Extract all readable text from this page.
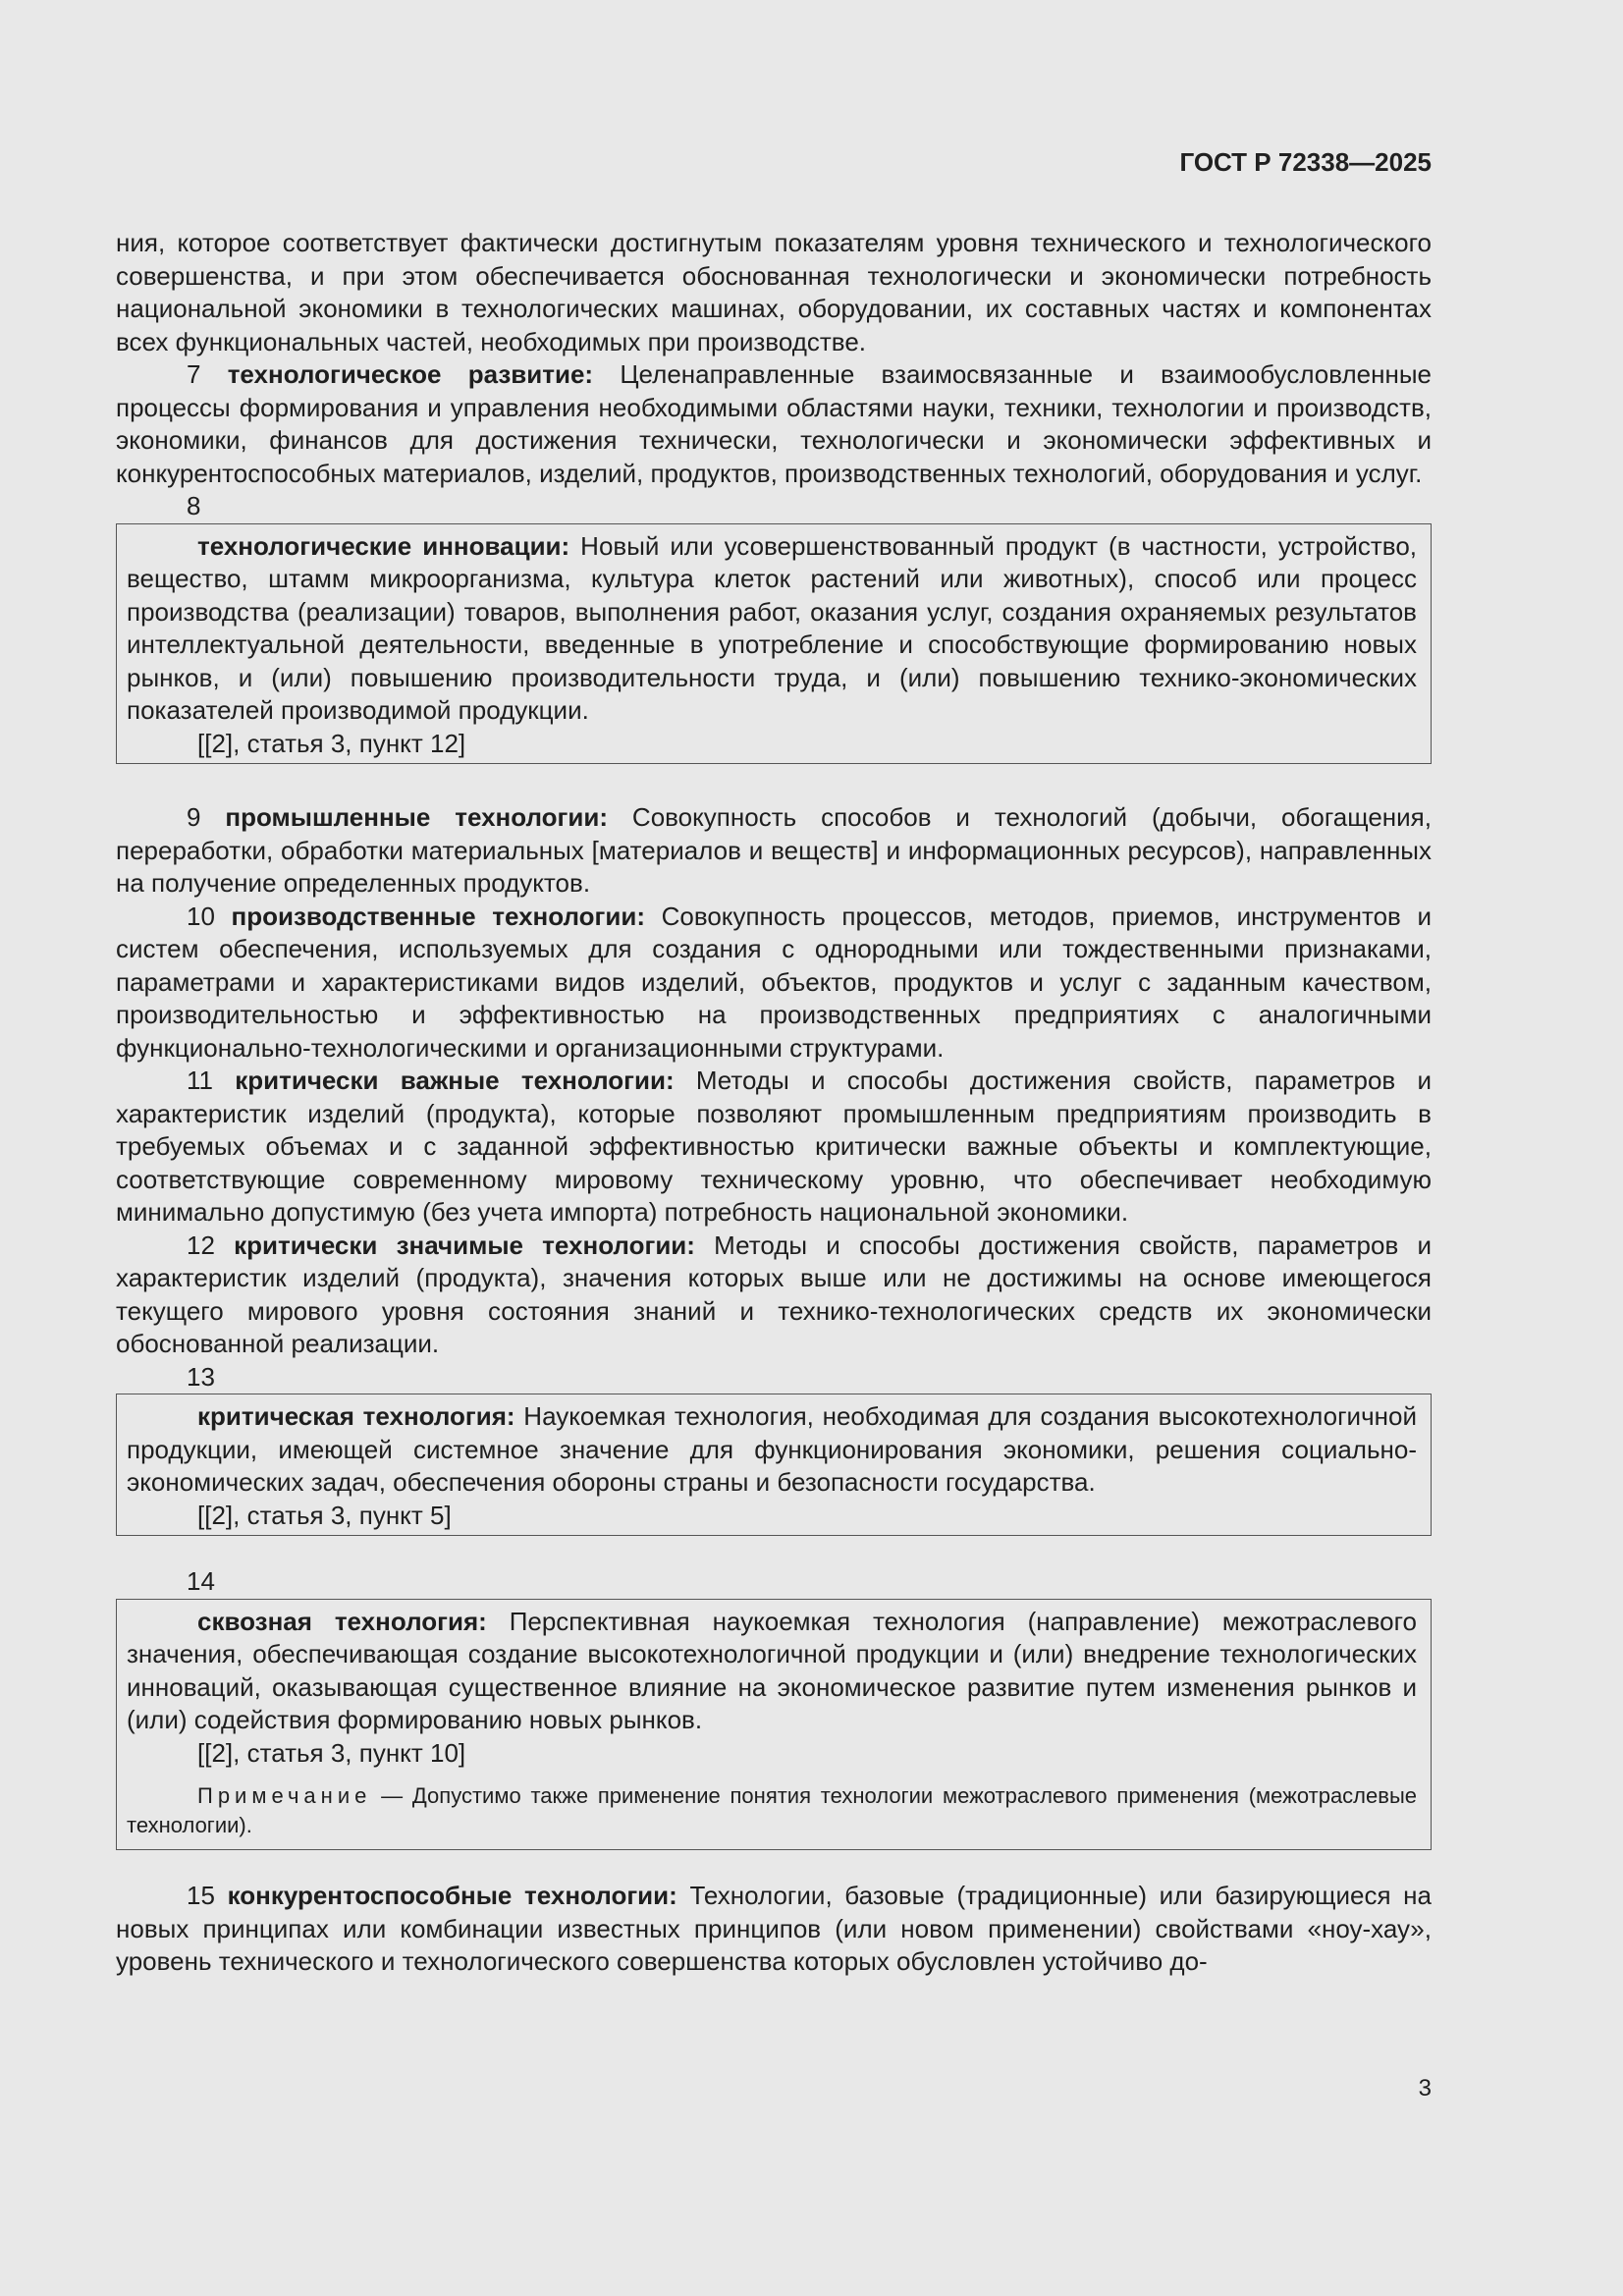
ГОСТ Р 72338—2025

ния, которое соответствует фактически достигнутым показателям уровня технического и технологического совершенства, и при этом обеспечивается обоснованная технологически и экономически потребность национальной экономики в технологических машинах, оборудовании, их составных частях и компонентах всех функциональных частей, необходимых при производстве.

7 технологическое развитие: Целенаправленные взаимосвязанные и взаимообусловленные процессы формирования и управления необходимыми областями науки, техники, технологии и производств, экономики, финансов для достижения технически, технологически и экономически эффективных и конкурентоспособных материалов, изделий, продуктов, производственных технологий, оборудования и услуг.

8

технологические инновации: Новый или усовершенствованный продукт (в частности, устройство, вещество, штамм микроорганизма, культура клеток растений или животных), способ или процесс производства (реализации) товаров, выполнения работ, оказания услуг, создания охраняемых результатов интеллектуальной деятельности, введенные в употребление и способствующие формированию новых рынков, и (или) повышению производительности труда, и (или) повышению технико-экономических показателей производимой продукции.

[[2], статья 3, пункт 12]

9 промышленные технологии: Совокупность способов и технологий (добычи, обогащения, переработки, обработки материальных [материалов и веществ] и информационных ресурсов), направленных на получение определенных продуктов.

10 производственные технологии: Совокупность процессов, методов, приемов, инструментов и систем обеспечения, используемых для создания с однородными или тождественными признаками, параметрами и характеристиками видов изделий, объектов, продуктов и услуг с заданным качеством, производительностью и эффективностью на производственных предприятиях с аналогичными функционально-технологическими и организационными структурами.

11 критически важные технологии: Методы и способы достижения свойств, параметров и характеристик изделий (продукта), которые позволяют промышленным предприятиям производить в требуемых объемах и с заданной эффективностью критически важные объекты и комплектующие, соответствующие современному мировому техническому уровню, что обеспечивает необходимую минимально допустимую (без учета импорта) потребность национальной экономики.

12 критически значимые технологии: Методы и способы достижения свойств, параметров и характеристик изделий (продукта), значения которых выше или не достижимы на основе имеющегося текущего мирового уровня состояния знаний и технико-технологических средств их экономически обоснованной реализации.

13

критическая технология: Наукоемкая технология, необходимая для создания высокотехнологичной продукции, имеющей системное значение для функционирования экономики, решения социально-экономических задач, обеспечения обороны страны и безопасности государства.

[[2], статья 3, пункт 5]

14

сквозная технология: Перспективная наукоемкая технология (направление) межотраслевого значения, обеспечивающая создание высокотехнологичной продукции и (или) внедрение технологических инноваций, оказывающая существенное влияние на экономическое развитие путем изменения рынков и (или) содействия формированию новых рынков.

[[2], статья 3, пункт 10]

Примечание — Допустимо также применение понятия технологии межотраслевого применения (межотраслевые технологии).

15 конкурентоспособные технологии: Технологии, базовые (традиционные) или базирующиеся на новых принципах или комбинации известных принципов (или новом применении) свойствами «ноу-хау», уровень технического и технологического совершенства которых обусловлен устойчиво до-

3
